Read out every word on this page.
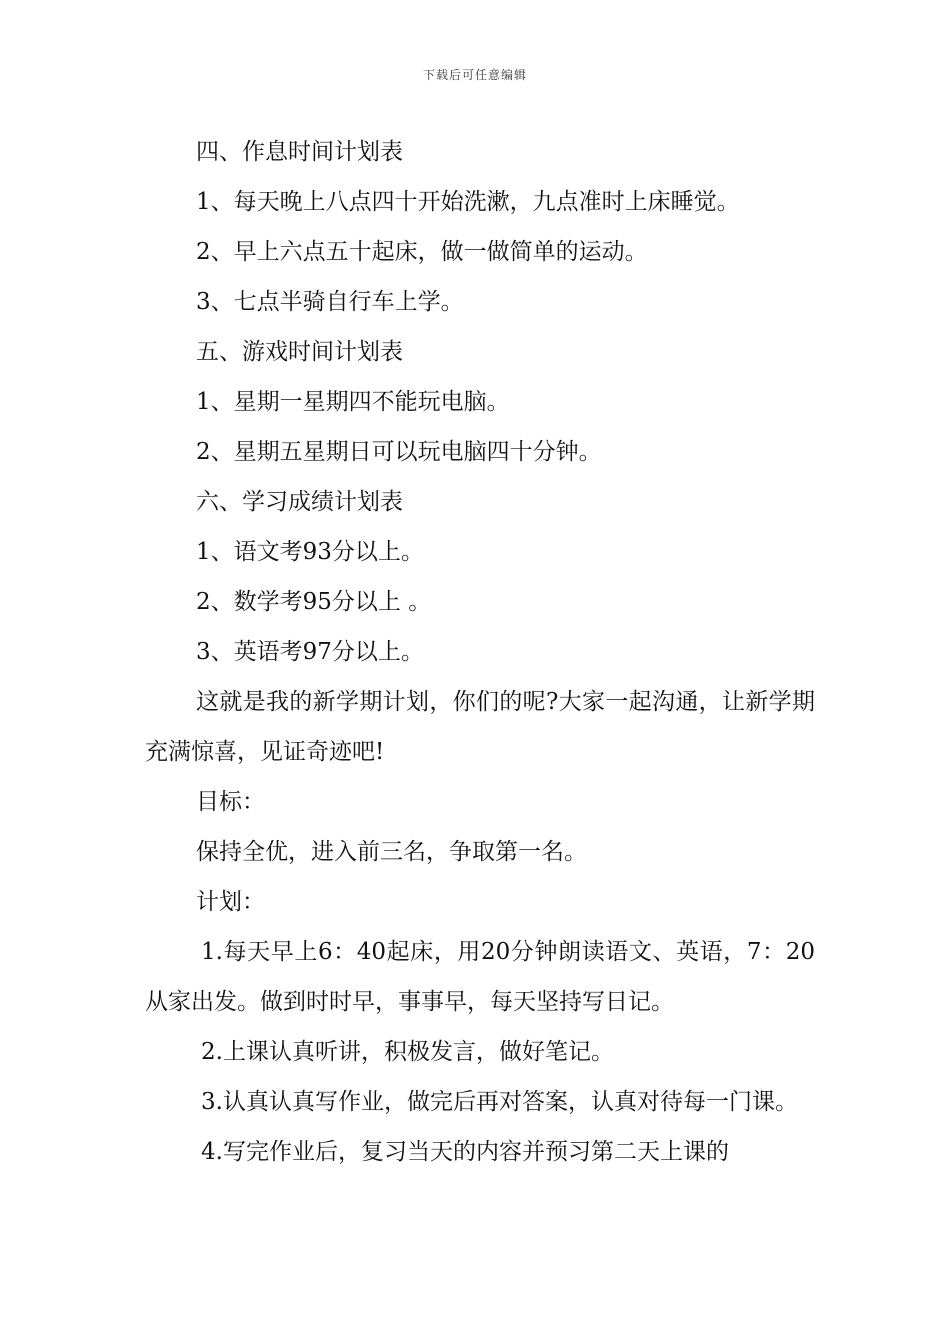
下载后可任意编辑

四、作息时间计划表

1、每天晚上八点四十开始洗漱，九点准时上床睡觉。

2、早上六点五十起床，做一做简单的运动。

3、七点半骑自行车上学。

五、游戏时间计划表

1、星期一星期四不能玩电脑。

2、星期五星期日可以玩电脑四十分钟。

六、学习成绩计划表

1、语文考93分以上。

2、数学考95分以上 。

3、英语考97分以上。

这就是我的新学期计划，你们的呢?大家一起沟通，让新学期充满惊喜，见证奇迹吧!

目标：

保持全优，进入前三名，争取第一名。

计划：

1.每天早上6：40起床，用20分钟朗读语文、英语，7：20从家出发。做到时时早，事事早，每天坚持写日记。

2.上课认真听讲，积极发言，做好笔记。

3.认真认真写作业，做完后再对答案，认真对待每一门课。

4.写完作业后，复习当天的内容并预习第二天上课的
